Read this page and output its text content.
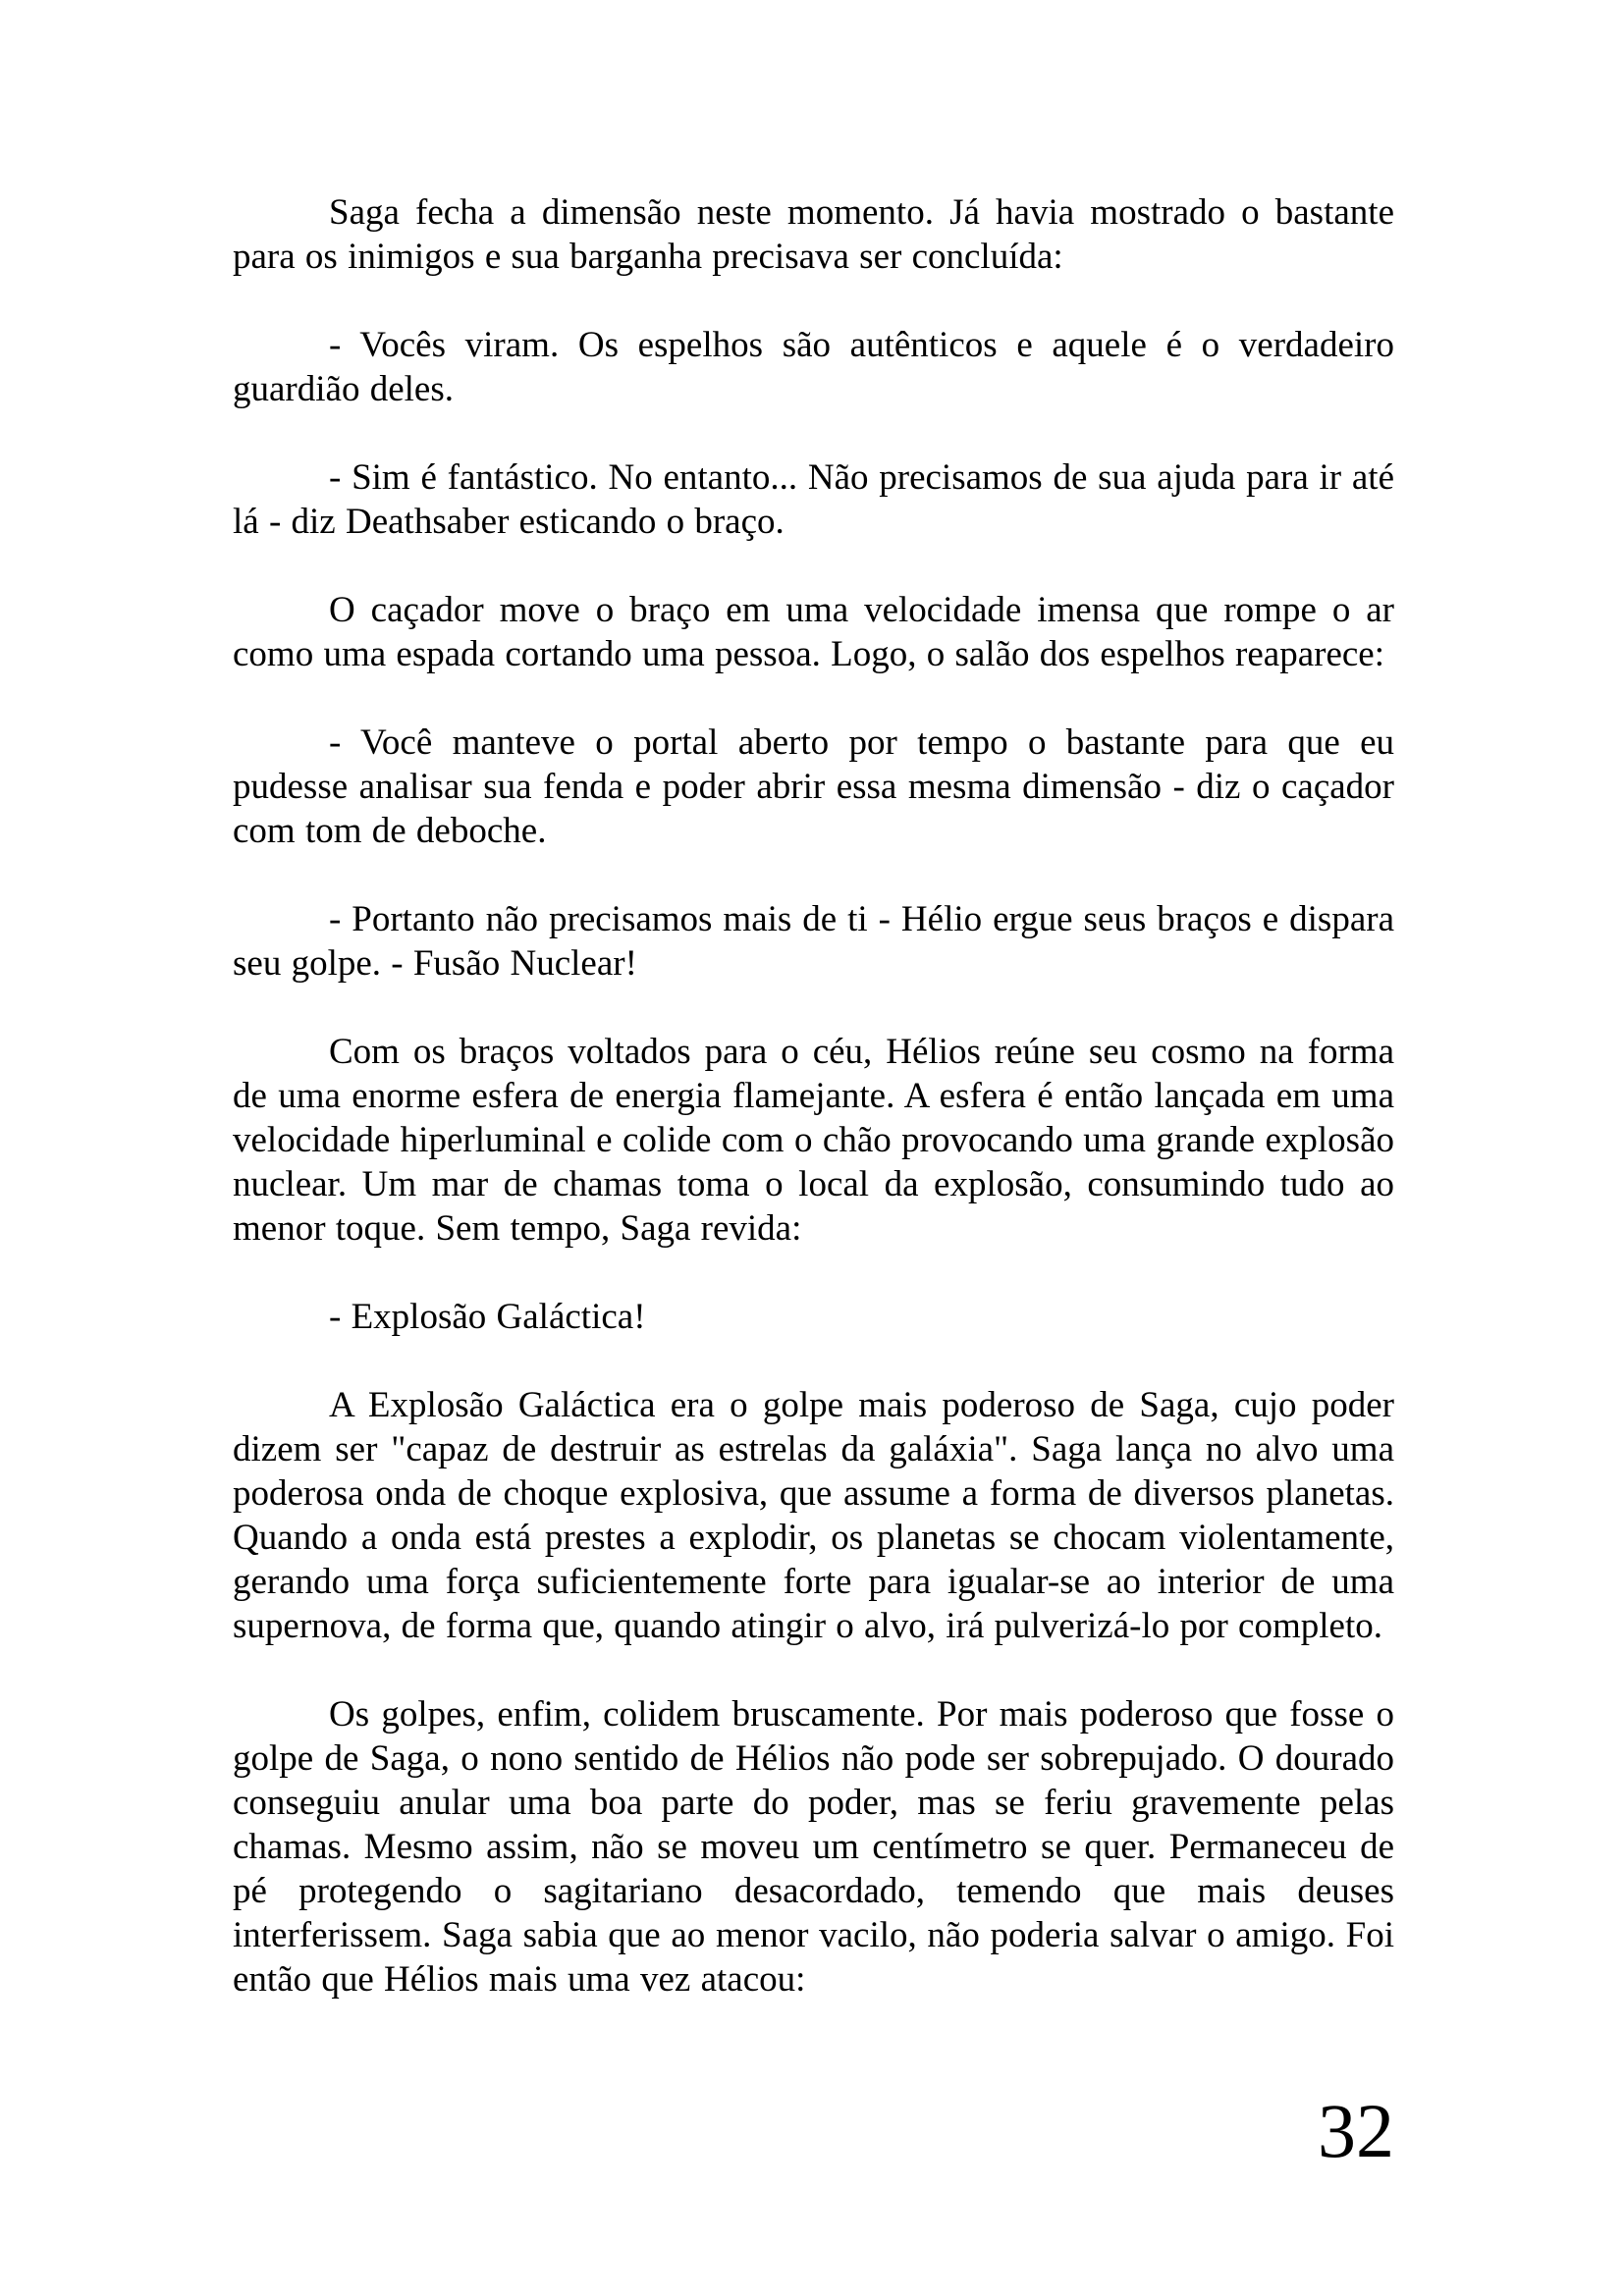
Saga fecha a dimensão neste momento. Já havia mostrado o bastante para os inimigos e sua barganha precisava ser concluída:

- Vocês viram. Os espelhos são autênticos e aquele é o verdadeiro guardião deles.

- Sim é fantástico. No entanto... Não precisamos de sua ajuda para ir até lá - diz Deathsaber esticando o braço.

O caçador move o braço em uma velocidade imensa que rompe o ar como uma espada cortando uma pessoa. Logo, o salão dos espelhos reaparece:

- Você manteve o portal aberto por tempo o bastante para que eu pudesse analisar sua fenda e poder abrir essa mesma dimensão - diz o caçador com tom de deboche.

- Portanto não precisamos mais de ti - Hélio ergue seus braços e dispara seu golpe. - Fusão Nuclear!

Com os braços voltados para o céu, Hélios reúne seu cosmo na forma de uma enorme esfera de energia flamejante. A esfera é então lançada em uma velocidade hiperluminal e colide com o chão provocando uma grande explosão nuclear. Um mar de chamas toma o local da explosão, consumindo tudo ao menor toque. Sem tempo, Saga revida:

- Explosão Galáctica!

A Explosão Galáctica era o golpe mais poderoso de Saga, cujo poder dizem ser "capaz de destruir as estrelas da galáxia". Saga lança no alvo uma poderosa onda de choque explosiva, que assume a forma de diversos planetas. Quando a onda está prestes a explodir, os planetas se chocam violentamente, gerando uma força suficientemente forte para igualar-se ao interior de uma supernova, de forma que, quando atingir o alvo, irá pulverizá-lo por completo.

Os golpes, enfim, colidem bruscamente. Por mais poderoso que fosse o golpe de Saga, o nono sentido de Hélios não pode ser sobrepujado. O dourado conseguiu anular uma boa parte do poder, mas se feriu gravemente pelas chamas. Mesmo assim, não se moveu um centímetro se quer. Permaneceu de pé protegendo o sagitariano desacordado, temendo que mais deuses interferissem. Saga sabia que ao menor vacilo, não poderia salvar o amigo. Foi então que Hélios mais uma vez atacou:

32
